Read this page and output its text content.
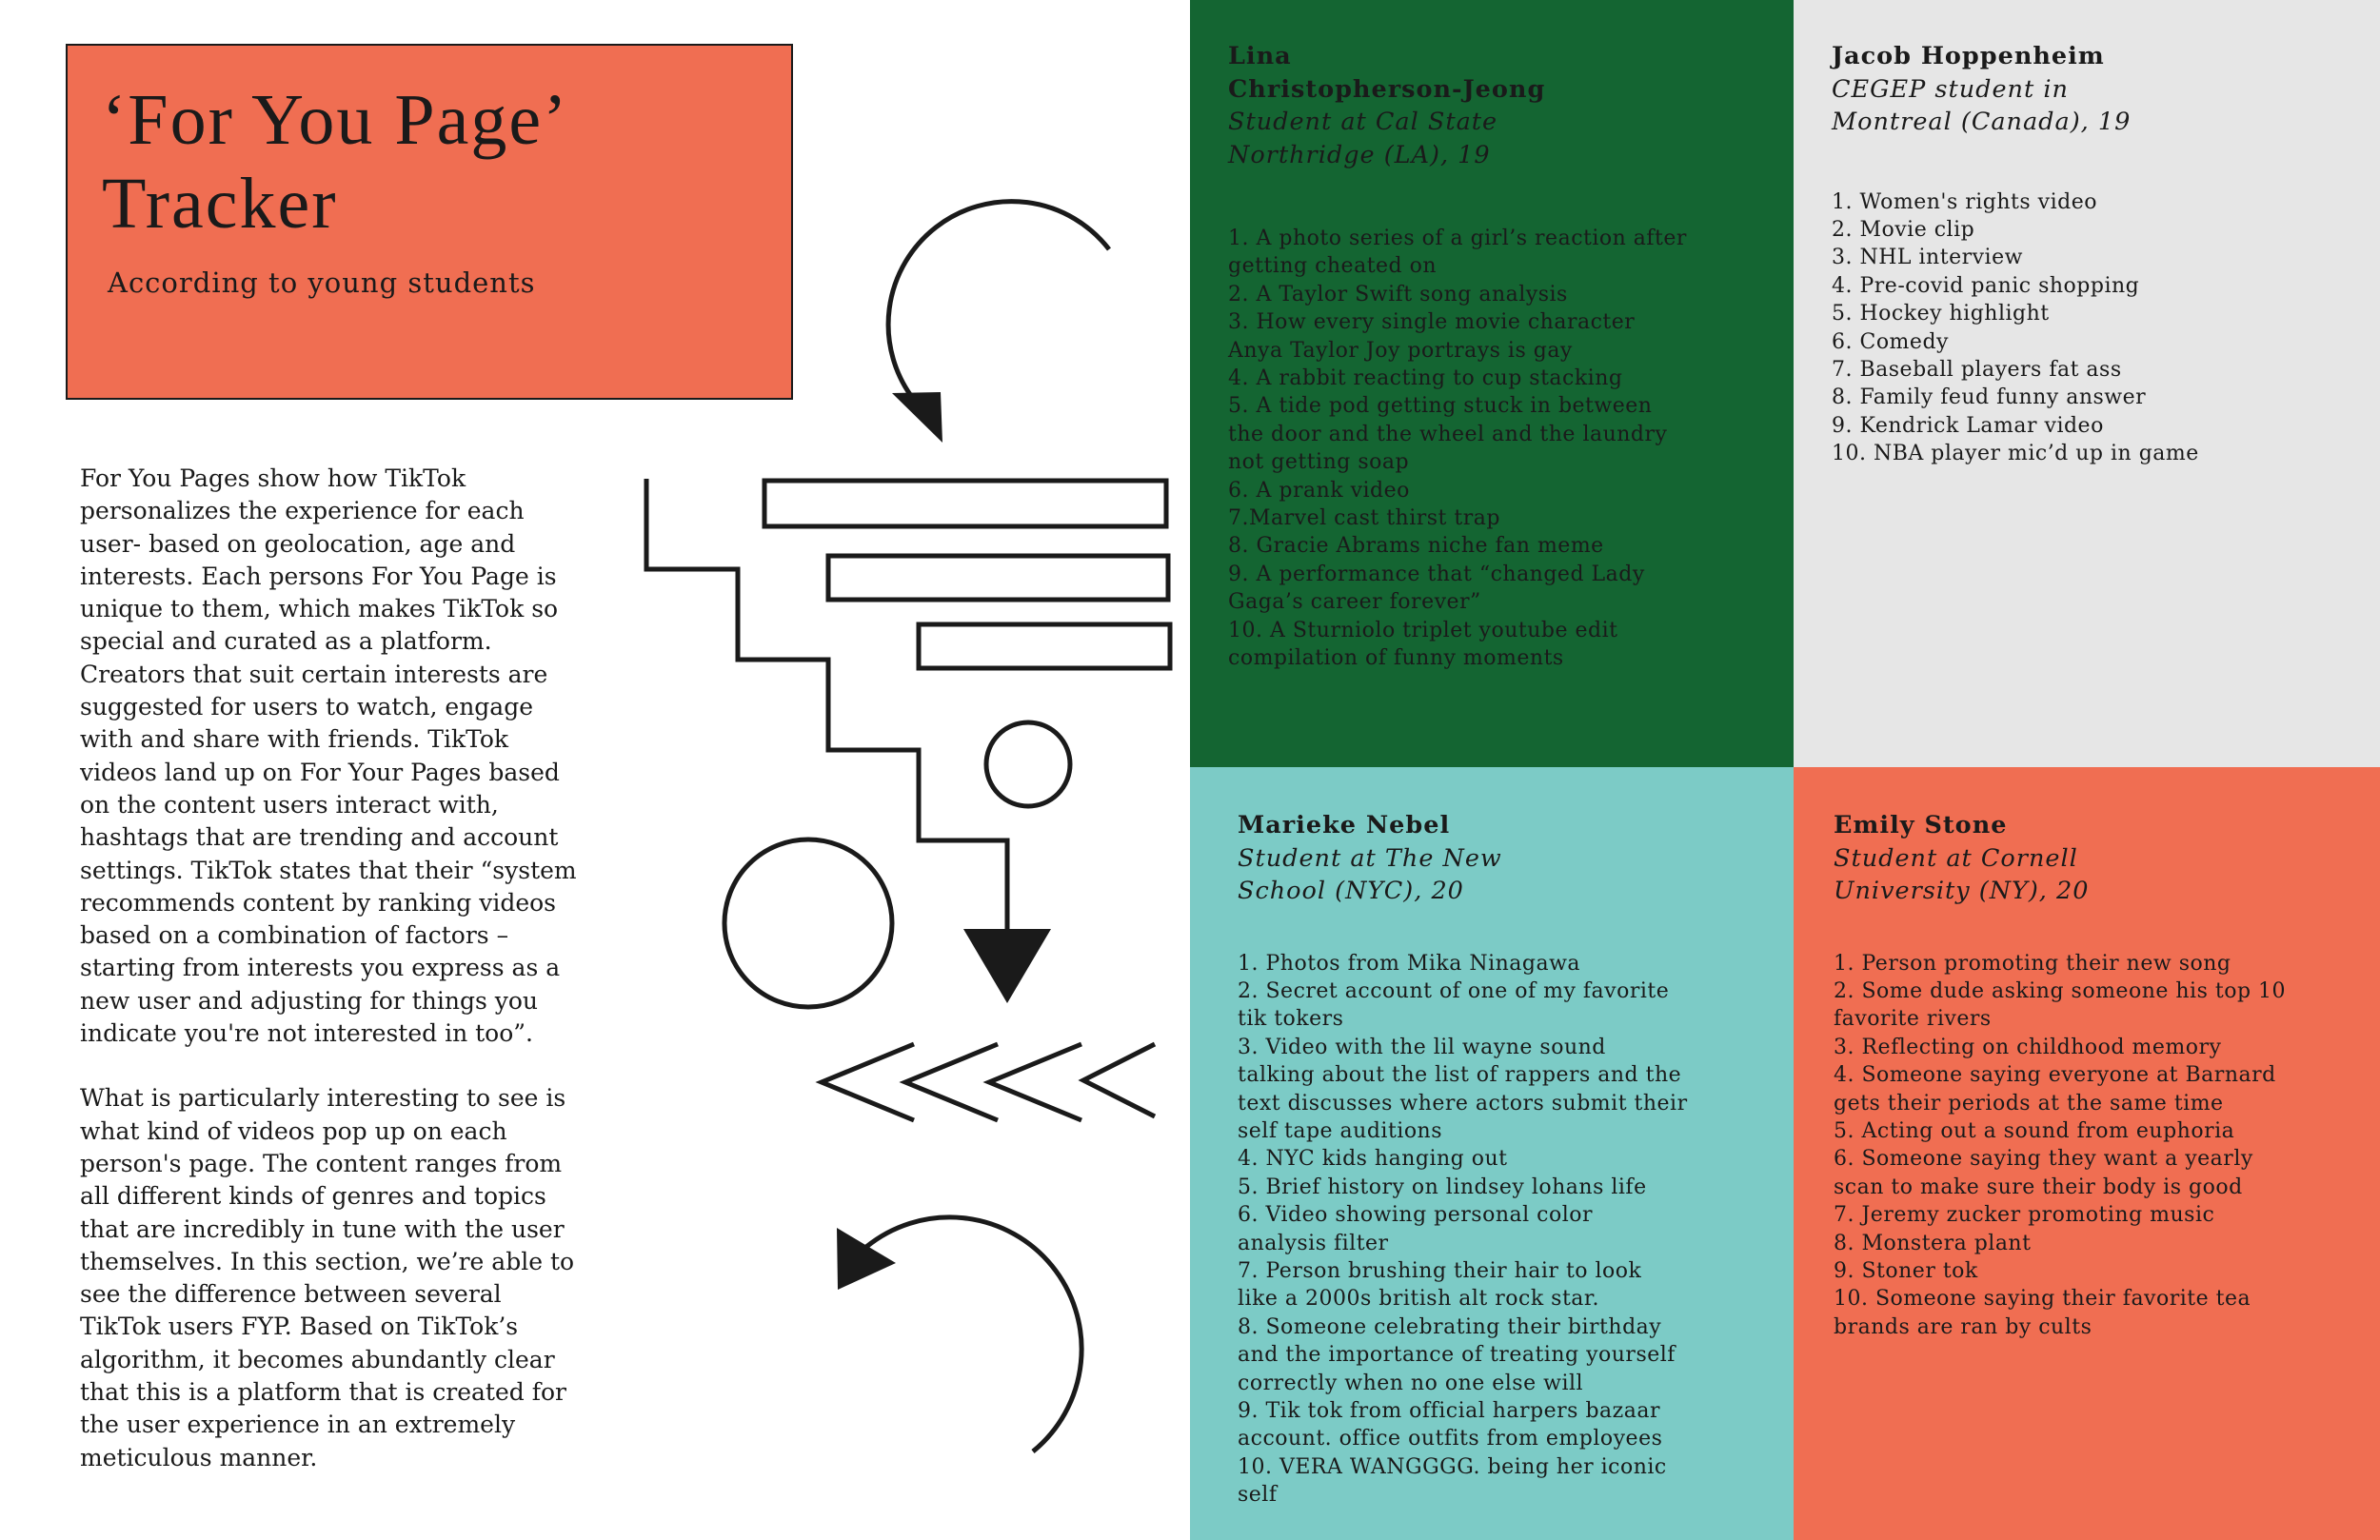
‘For You Page’
Tracker

According to young students

For You Pages show how TikTok
personalizes the experience for each
user- based on geolocation, age and
interests. Each persons For You Page is
unique to them, which makes TikTok so
special and curated as a platform.
Creators that suit certain interests are
suggested for users to watch, engage
with and share with friends. TikTok
videos land up on For Your Pages based
on the content users interact with,
hashtags that are trending and account
settings. TikTok states that their “system
recommends content by ranking videos
based on a combination of factors –
starting from interests you express as a
new user and adjusting for things you
indicate you're not interested in too”.

What is particularly interesting to see is
what kind of videos pop up on each
person's page. The content ranges from
all different kinds of genres and topics
that are incredibly in tune with the user
themselves. In this section, we’re able to
see the difference between several
TikTok users FYP. Based on TikTok’s
algorithm, it becomes abundantly clear
that this is a platform that is created for
the user experience in an extremely
meticulous manner.

Lina
Christopherson-Jeong

Student at Cal State
Northridge (LA), 19

1. A photo series of a girl’s reaction after
getting cheated on
2. A Taylor Swift song analysis
3. How every single movie character
Anya Taylor Joy portrays is gay
4. A rabbit reacting to cup stacking
5. A tide pod getting stuck in between
the door and the wheel and the laundry
not getting soap
6. A prank video
7.Marvel cast thirst trap
8. Gracie Abrams niche fan meme
9. A performance that “changed Lady
Gaga’s career forever”
10. A Sturniolo triplet youtube edit
compilation of funny moments
Jacob Hoppenheim

CEGEP student in
Montreal (Canada), 19

1. Women's rights video
2. Movie clip
3. NHL interview
4. Pre-covid panic shopping
5. Hockey highlight
6. Comedy
7. Baseball players fat ass
8. Family feud funny answer
9. Kendrick Lamar video
10. NBA player mic’d up in game
Marieke Nebel

Student at The New
School (NYC), 20

1. Photos from Mika Ninagawa
2. Secret account of one of my favorite
tik tokers
3. Video with the lil wayne sound
talking about the list of rappers and the
text discusses where actors submit their
self tape auditions
4. NYC kids hanging out
5. Brief history on lindsey lohans life
6. Video showing personal color
analysis filter
7. Person brushing their hair to look
like a 2000s british alt rock star.
8. Someone celebrating their birthday
and the importance of treating yourself
correctly when no one else will
9. Tik tok from official harpers bazaar
account. office outfits from employees
10. VERA WANGGGG. being her iconic
self
Emily Stone

Student at Cornell
University (NY), 20

1. Person promoting their new song
2. Some dude asking someone his top 10
favorite rivers
3. Reflecting on childhood memory
4. Someone saying everyone at Barnard
gets their periods at the same time
5. Acting out a sound from euphoria
6. Someone saying they want a yearly
scan to make sure their body is good
7. Jeremy zucker promoting music
8. Monstera plant
9. Stoner tok
10. Someone saying their favorite tea
brands are ran by cults
